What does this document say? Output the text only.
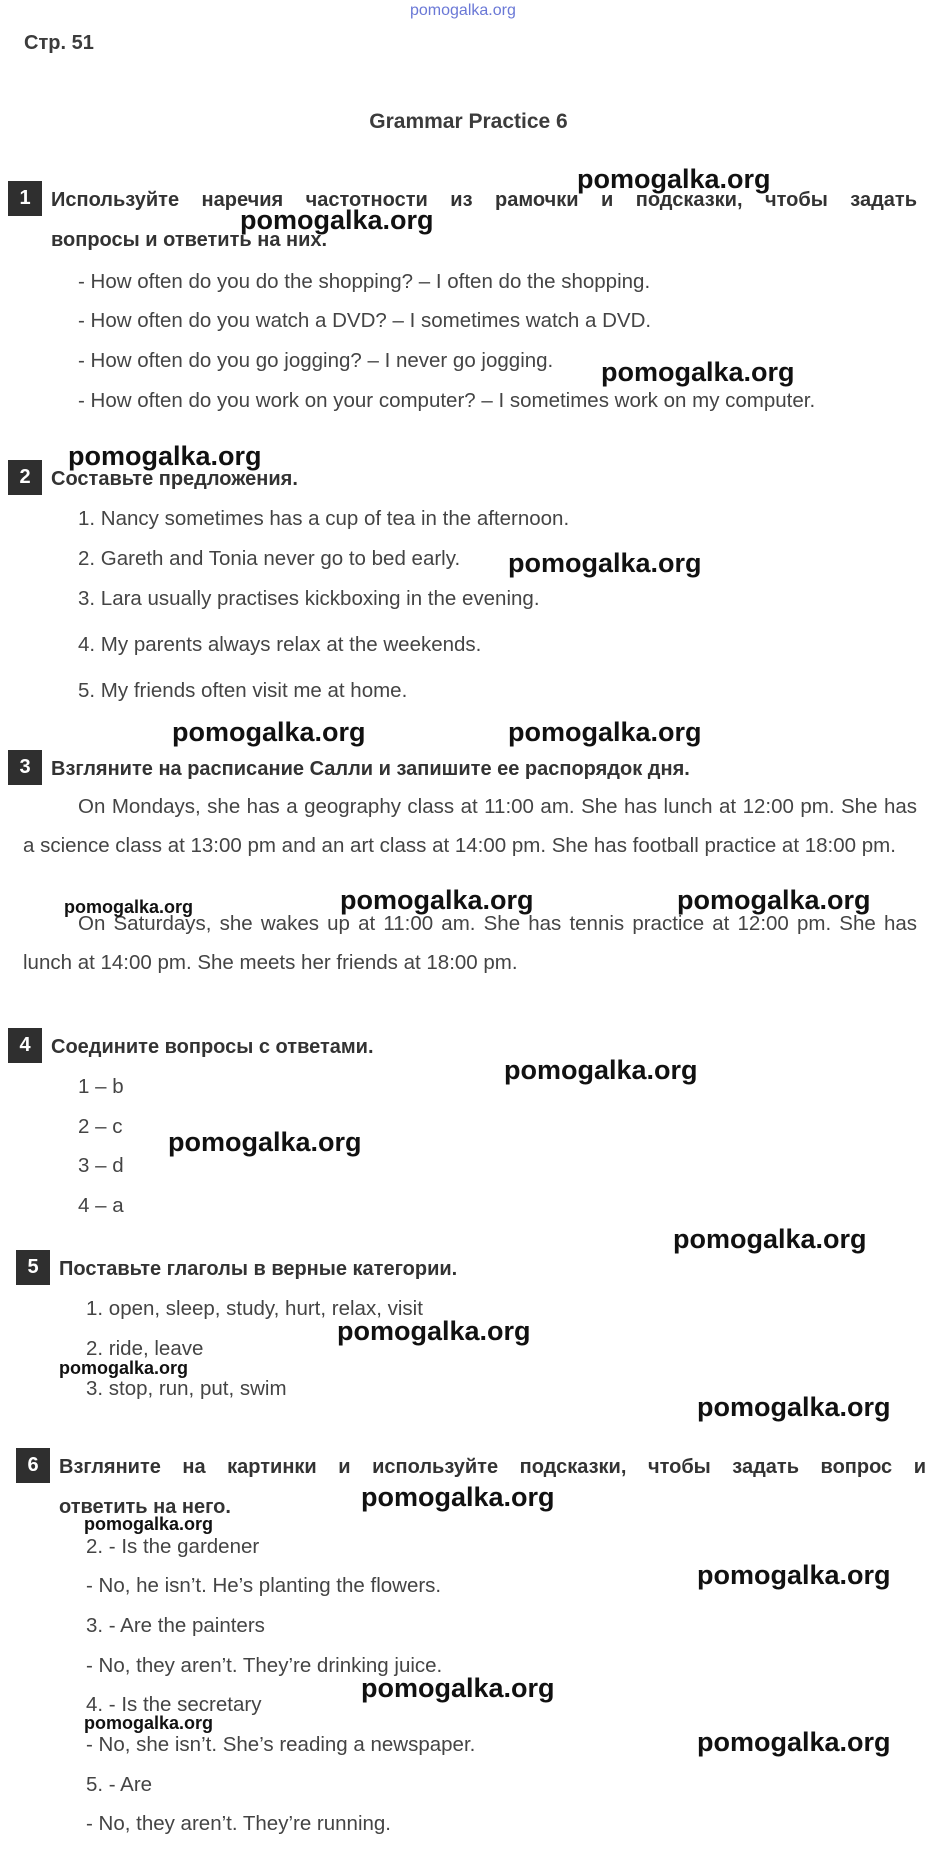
pomogalka.org
Стр. 51
Grammar Practice 6
1	Используйте наречия частотности из рамочки и подсказки, чтобы задать
вопросы и ответить на них.
- How often do you do the shopping? – I often do the shopping.
- How often do you watch a DVD? – I sometimes watch a DVD.
- How often do you go jogging? – I never go jogging.
- How often do you work on your computer? – I sometimes work on my computer.
2	Составьте предложения.
1. Nancy sometimes has a cup of tea in the afternoon.
2. Gareth and Tonia never go to bed early.
3. Lara usually practises kickboxing in the evening.
4. My parents always relax at the weekends.
5. My friends often visit me at home.
3	Взгляните на расписание Салли и запишите ее распорядок дня.
On Mondays, she has a geography class at 11:00 am. She has lunch at 12:00 pm. She has a science class at 13:00 pm and an art class at 14:00 pm. She has football practice at 18:00 pm.
On Saturdays, she wakes up at 11:00 am. She has tennis practice at 12:00 pm. She has lunch at 14:00 pm. She meets her friends at 18:00 pm.
4	Соедините вопросы с ответами.
1 – b
2 – c
3 – d
4 – a
5	Поставьте глаголы в верные категории.
1. open, sleep, study, hurt, relax, visit
2. ride, leave
3. stop, run, put, swim
6	Взгляните на картинки и используйте подсказки, чтобы задать вопрос и
ответить на него.
2. - Is the gardener
- No, he isn’t. He’s planting the flowers.
3. - Are the painters
- No, they aren’t. They’re drinking juice.
4. - Is the secretary
- No, she isn’t. She’s reading a newspaper.
5. - Are
- No, they aren’t. They’re running.
pomogalka.org
pomogalka.org
pomogalka.org
pomogalka.org
pomogalka.org
pomogalka.org	pomogalka.org
pomogalka.org	pomogalka.org	pomogalka.org
pomogalka.org
pomogalka.org
pomogalka.org
pomogalka.org
pomogalka.org
pomogalka.org
pomogalka.org
pomogalka.org
pomogalka.org
pomogalka.org
pomogalka.org
pomogalka.org
